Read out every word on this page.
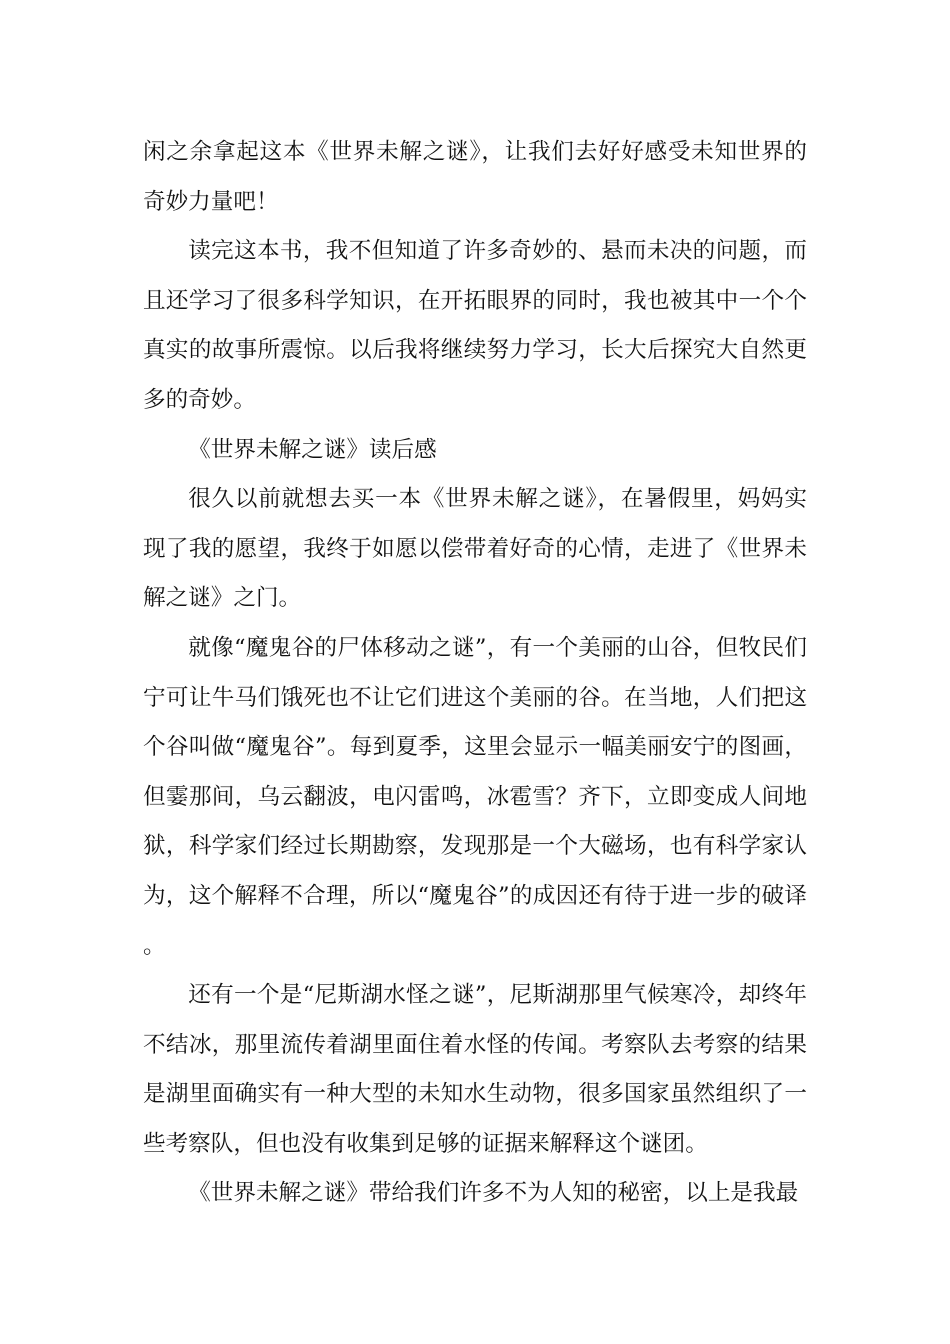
闲之余拿起这本《世界未解之谜》，让我们去好好感受未知世界的奇妙力量吧！

读完这本书，我不但知道了许多奇妙的、悬而未决的问题，而且还学习了很多科学知识，在开拓眼界的同时，我也被其中一个个真实的故事所震惊。以后我将继续努力学习，长大后探究大自然更多的奇妙。

《世界未解之谜》读后感

很久以前就想去买一本《世界未解之谜》，在暑假里，妈妈实现了我的愿望，我终于如愿以偿带着好奇的心情，走进了《世界未解之谜》之门。

就像“魔鬼谷的尸体移动之谜”，有一个美丽的山谷，但牧民们宁可让牛马们饿死也不让它们进这个美丽的谷。在当地，人们把这个谷叫做“魔鬼谷”。每到夏季，这里会显示一幅美丽安宁的图画，但霎那间，乌云翻波，电闪雷鸣，冰雹雪？齐下，立即变成人间地狱，科学家们经过长期勘察，发现那是一个大磁场，也有科学家认为，这个解释不合理，所以“魔鬼谷”的成因还有待于进一步的破译。

还有一个是“尼斯湖水怪之谜”，尼斯湖那里气候寒冷，却终年不结冰，那里流传着湖里面住着水怪的传闻。考察队去考察的结果是湖里面确实有一种大型的未知水生动物，很多国家虽然组织了一些考察队，但也没有收集到足够的证据来解释这个谜团。

《世界未解之谜》带给我们许多不为人知的秘密，以上是我最
